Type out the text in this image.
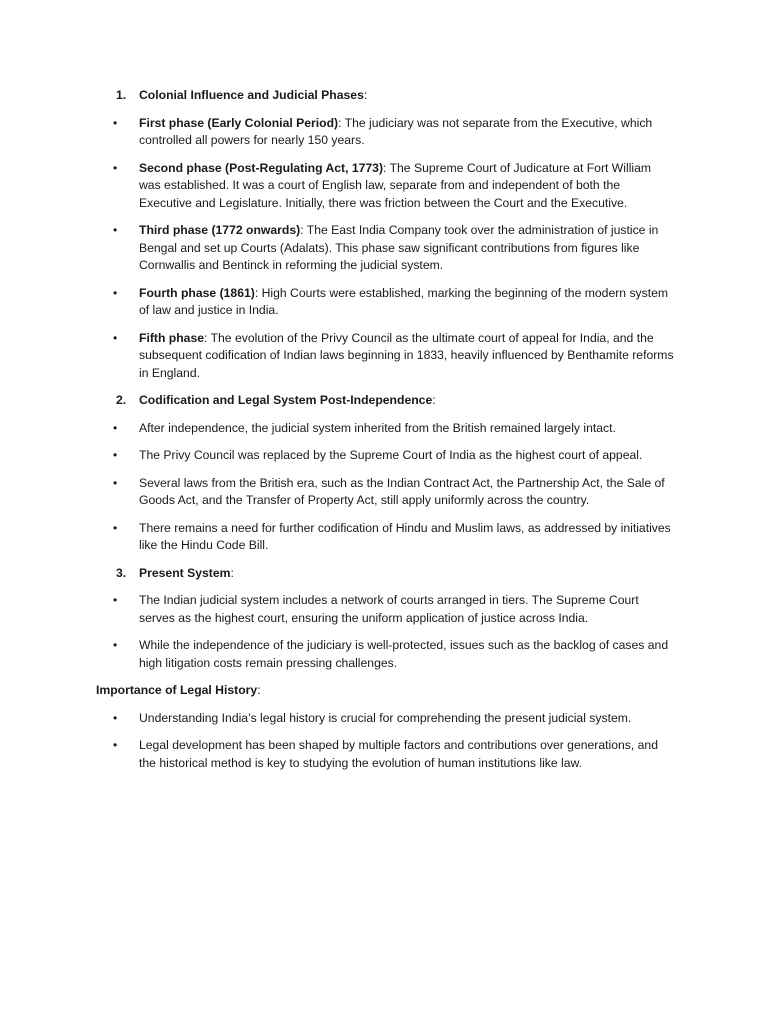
1. Colonial Influence and Judicial Phases:
• First phase (Early Colonial Period): The judiciary was not separate from the Executive, which controlled all powers for nearly 150 years.
• Second phase (Post-Regulating Act, 1773): The Supreme Court of Judicature at Fort William was established. It was a court of English law, separate from and independent of both the Executive and Legislature. Initially, there was friction between the Court and the Executive.
• Third phase (1772 onwards): The East India Company took over the administration of justice in Bengal and set up Courts (Adalats). This phase saw significant contributions from figures like Cornwallis and Bentinck in reforming the judicial system.
• Fourth phase (1861): High Courts were established, marking the beginning of the modern system of law and justice in India.
• Fifth phase: The evolution of the Privy Council as the ultimate court of appeal for India, and the subsequent codification of Indian laws beginning in 1833, heavily influenced by Benthamite reforms in England.
2. Codification and Legal System Post-Independence:
• After independence, the judicial system inherited from the British remained largely intact.
• The Privy Council was replaced by the Supreme Court of India as the highest court of appeal.
• Several laws from the British era, such as the Indian Contract Act, the Partnership Act, the Sale of Goods Act, and the Transfer of Property Act, still apply uniformly across the country.
• There remains a need for further codification of Hindu and Muslim laws, as addressed by initiatives like the Hindu Code Bill.
3. Present System:
• The Indian judicial system includes a network of courts arranged in tiers. The Supreme Court serves as the highest court, ensuring the uniform application of justice across India.
• While the independence of the judiciary is well-protected, issues such as the backlog of cases and high litigation costs remain pressing challenges.
Importance of Legal History:
• Understanding India’s legal history is crucial for comprehending the present judicial system.
• Legal development has been shaped by multiple factors and contributions over generations, and the historical method is key to studying the evolution of human institutions like law.
